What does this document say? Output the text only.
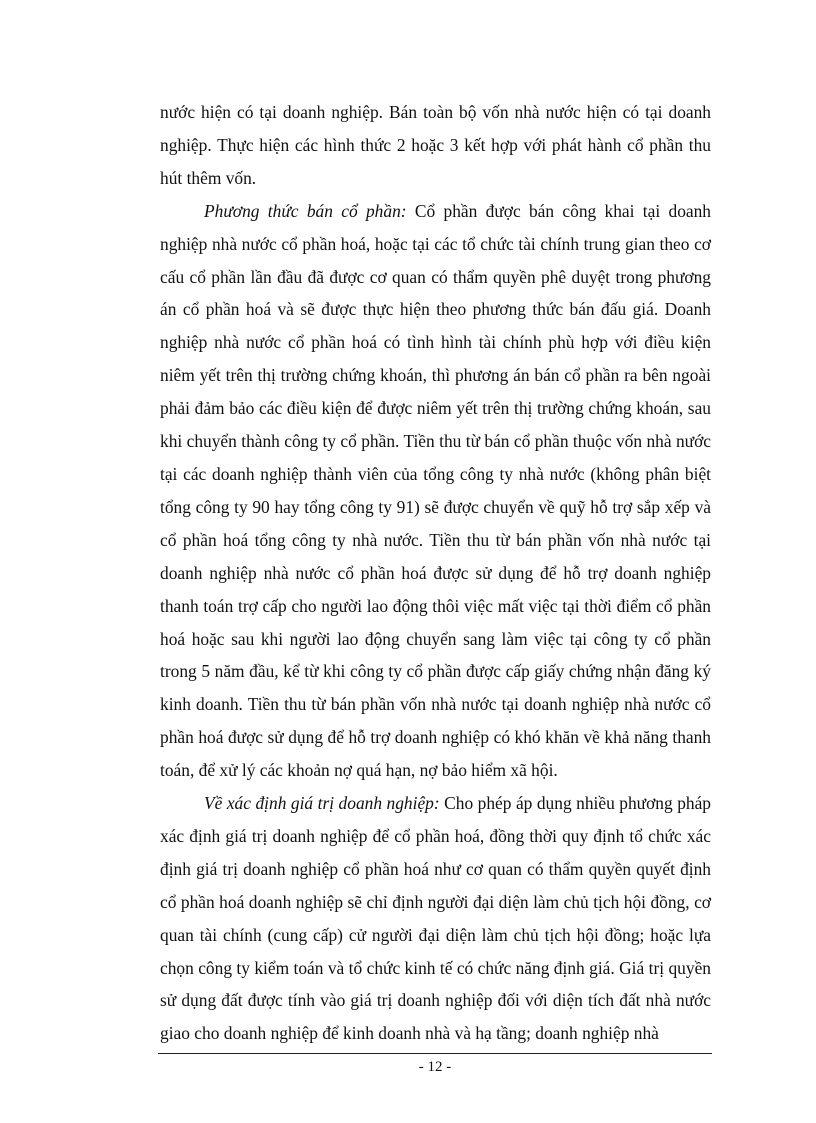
nước hiện có tại doanh nghiệp. Bán toàn bộ vốn nhà nước hiện có tại doanh nghiệp. Thực hiện các hình thức 2 hoặc 3 kết hợp với phát hành cổ phần thu hút thêm vốn.

Phương thức bán cổ phần: Cổ phần được bán công khai tại doanh nghiệp nhà nước cổ phần hoá, hoặc tại các tổ chức tài chính trung gian theo cơ cấu cổ phần lần đầu đã được cơ quan có thẩm quyền phê duyệt trong phương án cổ phần hoá và sẽ được thực hiện theo phương thức bán đấu giá. Doanh nghiệp nhà nước cổ phần hoá có tình hình tài chính phù hợp với điều kiện niêm yết trên thị trường chứng khoán, thì phương án bán cổ phần ra bên ngoài phải đảm bảo các điều kiện để được niêm yết trên thị trường chứng khoán, sau khi chuyển thành công ty cổ phần. Tiền thu từ bán cổ phần thuộc vốn nhà nước tại các doanh nghiệp thành viên của tổng công ty nhà nước (không phân biệt tổng công ty 90 hay tổng công ty 91) sẽ được chuyển về quỹ hỗ trợ sắp xếp và cổ phần hoá tổng công ty nhà nước. Tiền thu từ bán phần vốn nhà nước tại doanh nghiệp nhà nước cổ phần hoá được sử dụng để hỗ trợ doanh nghiệp thanh toán trợ cấp cho người lao động thôi việc mất việc tại thời điểm cổ phần hoá hoặc sau khi người lao động chuyển sang làm việc tại công ty cổ phần trong 5 năm đầu, kể từ khi công ty cổ phần được cấp giấy chứng nhận đăng ký kinh doanh. Tiền thu từ bán phần vốn nhà nước tại doanh nghiệp nhà nước cổ phần hoá được sử dụng để hỗ trợ doanh nghiệp có khó khăn về khả năng thanh toán, để xử lý các khoản nợ quá hạn, nợ bảo hiểm xã hội.

Về xác định giá trị doanh nghiệp: Cho phép áp dụng nhiều phương pháp xác định giá trị doanh nghiệp để cổ phần hoá, đồng thời quy định tổ chức xác định giá trị doanh nghiệp cổ phần hoá như cơ quan có thẩm quyền quyết định cổ phần hoá doanh nghiệp sẽ chỉ định người đại diện làm chủ tịch hội đồng, cơ quan tài chính (cung cấp) cử người đại diện làm chủ tịch hội đồng; hoặc lựa chọn công ty kiểm toán và tổ chức kinh tế có chức năng định giá. Giá trị quyền sử dụng đất được tính vào giá trị doanh nghiệp đối với diện tích đất nhà nước giao cho doanh nghiệp để kinh doanh nhà và hạ tầng; doanh nghiệp nhà

- 12 -
